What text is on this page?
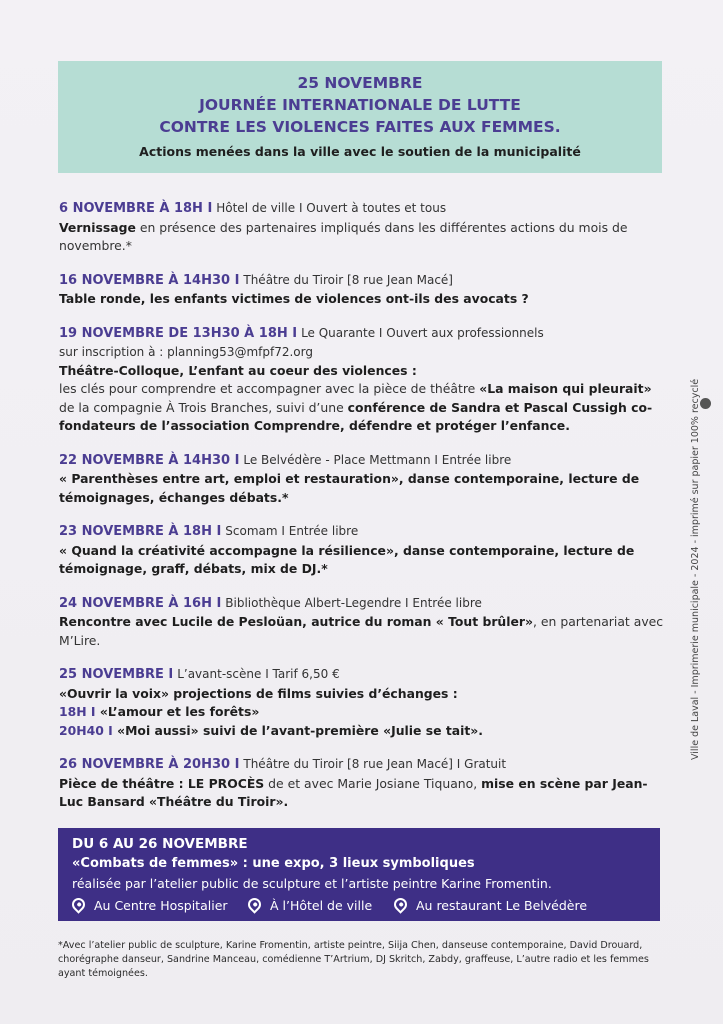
25 NOVEMBRE
JOURNÉE INTERNATIONALE DE LUTTE
CONTRE LES VIOLENCES FAITES AUX FEMMES.
Actions menées dans la ville avec le soutien de la municipalité

6 NOVEMBRE À 18H I Hôtel de ville I Ouvert à toutes et tous

Vernissage en présence des partenaires impliqués dans les différentes actions du mois de novembre.*

16 NOVEMBRE À 14H30 I Théâtre du Tiroir [8 rue Jean Macé]

Table ronde, les enfants victimes de violences ont-ils des avocats ?

19 NOVEMBRE DE 13H30 À 18H I Le Quarante I Ouvert aux professionnels

sur inscription à : planning53@mfpf72.org

Théâtre-Colloque, L’enfant au coeur des violences :

les clés pour comprendre et accompagner avec la pièce de théâtre «La maison qui pleurait» de la compagnie À Trois Branches, suivi d’une conférence de Sandra et Pascal Cussigh co-fondateurs de l’association Comprendre, défendre et protéger l’enfance.

22 NOVEMBRE À 14H30 I Le Belvédère - Place Mettmann I Entrée libre

« Parenthèses entre art, emploi et restauration», danse contemporaine, lecture de témoignages, échanges débats.*

23 NOVEMBRE À 18H I Scomam I Entrée libre

« Quand la créativité accompagne la résilience», danse contemporaine, lecture de témoignage, graff, débats, mix de DJ.*

24 NOVEMBRE À 16H I Bibliothèque Albert-Legendre I Entrée libre

Rencontre avec Lucile de Pesloüan, autrice du roman « Tout brûler», en partenariat avec M’Lire.

25 NOVEMBRE I L’avant-scène I Tarif 6,50 €

«Ouvrir la voix» projections de films suivies d’échanges :

18H I «L’amour et les forêts»

20H40 I «Moi aussi» suivi de l’avant-première «Julie se tait».

26 NOVEMBRE À 20H30 I Théâtre du Tiroir [8 rue Jean Macé] I Gratuit

Pièce de théâtre : LE PROCÈS de et avec Marie Josiane Tiquano, mise en scène par Jean-Luc Bansard «Théâtre du Tiroir».

DU 6 AU 26 NOVEMBRE
«Combats de femmes» : une expo, 3 lieux symboliques
réalisée par l’atelier public de sculpture et l’artiste peintre Karine Fromentin.
Au Centre Hospitalier	À l’Hôtel de ville	Au restaurant Le Belvédère
*Avec l’atelier public de sculpture, Karine Fromentin, artiste peintre, Siija Chen, danseuse contemporaine, David Drouard, chorégraphe danseur, Sandrine Manceau, comédienne T’Artrium, DJ Skritch, Zabdy, graffeuse, L’autre radio et les femmes ayant témoignées.
Ville de Laval - Imprimerie municipale - 2024 - imprimé sur papier 100% recyclé
